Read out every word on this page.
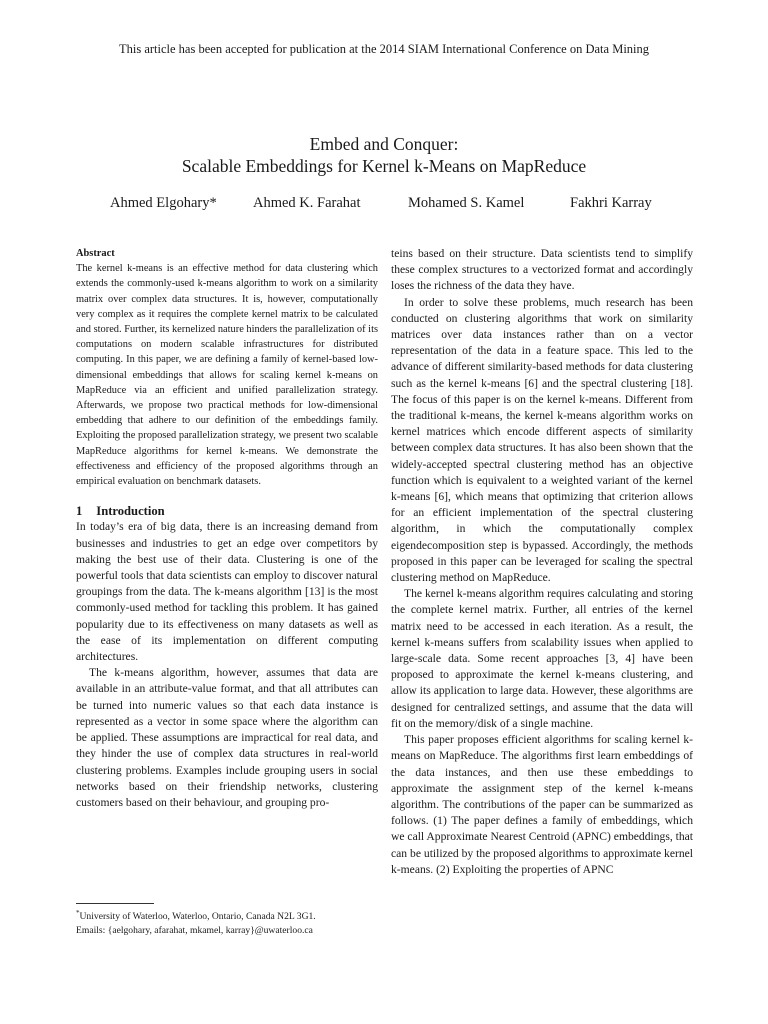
This article has been accepted for publication at the 2014 SIAM International Conference on Data Mining
Embed and Conquer:
Scalable Embeddings for Kernel k-Means on MapReduce
Ahmed Elgohary*	Ahmed K. Farahat	Mohamed S. Kamel	Fakhri Karray

Abstract

The kernel k-means is an effective method for data clustering which extends the commonly-used k-means algorithm to work on a similarity matrix over complex data structures. It is, however, computationally very complex as it requires the complete kernel matrix to be calculated and stored. Further, its kernelized nature hinders the parallelization of its computations on modern scalable infrastructures for distributed computing. In this paper, we are defining a family of kernel-based low-dimensional embeddings that allows for scaling kernel k-means on MapReduce via an efficient and unified parallelization strategy. Afterwards, we propose two practical methods for low-dimensional embedding that adhere to our definition of the embeddings family. Exploiting the proposed parallelization strategy, we present two scalable MapReduce algorithms for kernel k-means. We demonstrate the effectiveness and efficiency of the proposed algorithms through an empirical evaluation on benchmark datasets.

1 Introduction

In today’s era of big data, there is an increasing demand from businesses and industries to get an edge over competitors by making the best use of their data. Clustering is one of the powerful tools that data scientists can employ to discover natural groupings from the data. The k-means algorithm [13] is the most commonly-used method for tackling this problem. It has gained popularity due to its effectiveness on many datasets as well as the ease of its implementation on different computing architectures.

The k-means algorithm, however, assumes that data are available in an attribute-value format, and that all attributes can be turned into numeric values so that each data instance is represented as a vector in some space where the algorithm can be applied. These assumptions are impractical for real data, and they hinder the use of complex data structures in real-world clustering problems. Examples include grouping users in social networks based on their friendship networks, clustering customers based on their behaviour, and grouping pro-

teins based on their structure. Data scientists tend to simplify these complex structures to a vectorized format and accordingly loses the richness of the data they have.

In order to solve these problems, much research has been conducted on clustering algorithms that work on similarity matrices over data instances rather than on a vector representation of the data in a feature space. This led to the advance of different similarity-based methods for data clustering such as the kernel k-means [6] and the spectral clustering [18]. The focus of this paper is on the kernel k-means. Different from the traditional k-means, the kernel k-means algorithm works on kernel matrices which encode different aspects of similarity between complex data structures. It has also been shown that the widely-accepted spectral clustering method has an objective function which is equivalent to a weighted variant of the kernel k-means [6], which means that optimizing that criterion allows for an efficient implementation of the spectral clustering algorithm, in which the computationally complex eigendecomposition step is bypassed. Accordingly, the methods proposed in this paper can be leveraged for scaling the spectral clustering method on MapReduce.

The kernel k-means algorithm requires calculating and storing the complete kernel matrix. Further, all entries of the kernel matrix need to be accessed in each iteration. As a result, the kernel k-means suffers from scalability issues when applied to large-scale data. Some recent approaches [3, 4] have been proposed to approximate the kernel k-means clustering, and allow its application to large data. However, these algorithms are designed for centralized settings, and assume that the data will fit on the memory/disk of a single machine.

This paper proposes efficient algorithms for scaling kernel k-means on MapReduce. The algorithms first learn embeddings of the data instances, and then use these embeddings to approximate the assignment step of the kernel k-means algorithm. The contributions of the paper can be summarized as follows. (1) The paper defines a family of embeddings, which we call Approximate Nearest Centroid (APNC) embeddings, that can be utilized by the proposed algorithms to approximate kernel k-means. (2) Exploiting the properties of APNC

*University of Waterloo, Waterloo, Ontario, Canada N2L 3G1.
Emails: {aelgohary, afarahat, mkamel, karray}@uwaterloo.ca
